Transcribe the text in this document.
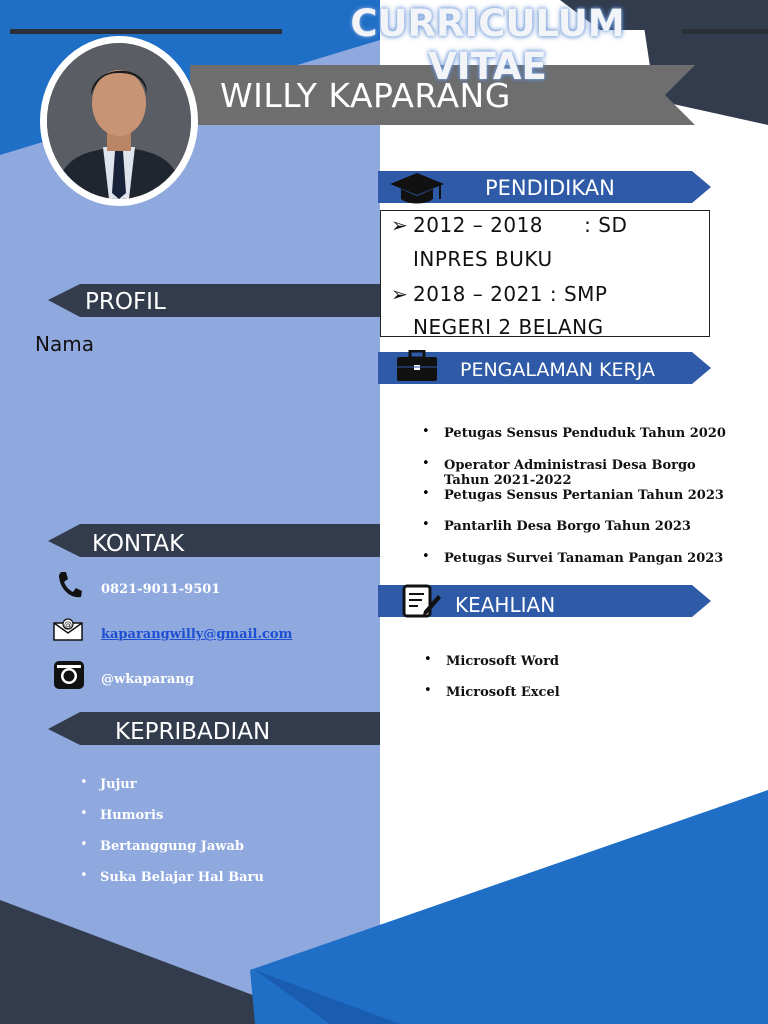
CURRICULUM VITAE
WILLY KAPARANG
PROFIL
Nama
KONTAK
0821-9011-9501
@
kaparangwilly@gmail.com
@wkaparang
KEPRIBADIAN
• Jujur
• Humoris
• Bertanggung Jawab
• Suka Belajar Hal Baru
PENDIDIKAN
➢ 2012 – 2018      : SD
INPRES BUKU
➢ 2018 – 2021 : SMP
NEGERI 2 BELANG
PENGALAMAN KERJA
• Petugas Sensus Penduduk Tahun 2020
• Operator Administrasi Desa Borgo Tahun 2021-2022
• Petugas Sensus Pertanian Tahun 2023
• Pantarlih Desa Borgo Tahun 2023
• Petugas Survei Tanaman Pangan 2023
KEAHLIAN
• Microsoft Word
• Microsoft Excel
